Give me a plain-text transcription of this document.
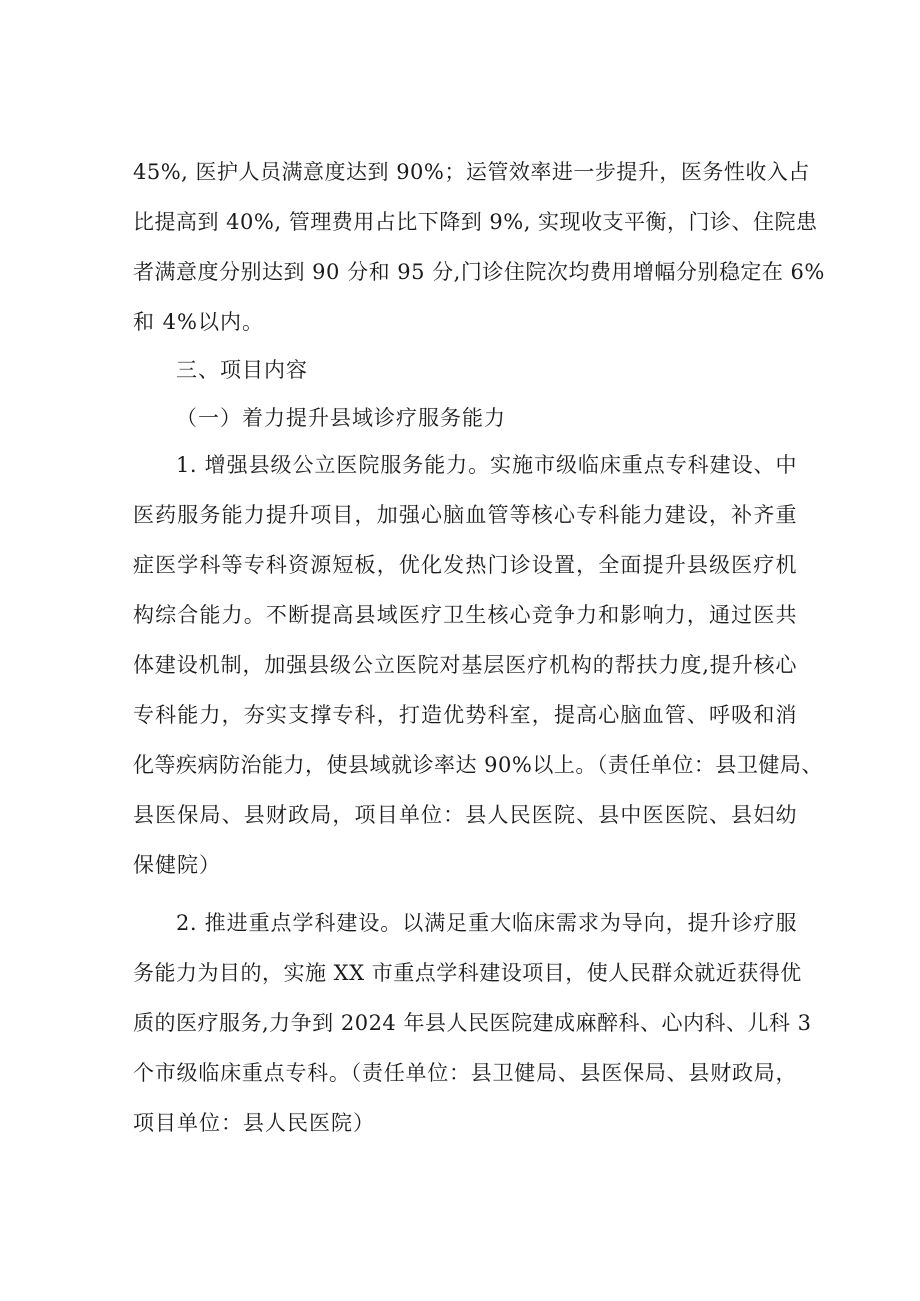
45%, 医护人员满意度达到 90%；运管效率进一步提升，医务性收入占
比提高到 40%, 管理费用占比下降到 9%, 实现收支平衡，门诊、住院患
者满意度分别达到 90 分和 95 分,门诊住院次均费用增幅分别稳定在 6%
和 4%以内。
三、项目内容
（一）着力提升县域诊疗服务能力
1. 增强县级公立医院服务能力。实施市级临床重点专科建设、中
医药服务能力提升项目，加强心脑血管等核心专科能力建设，补齐重
症医学科等专科资源短板，优化发热门诊设置，全面提升县级医疗机
构综合能力。不断提高县域医疗卫生核心竞争力和影响力，通过医共
体建设机制，加强县级公立医院对基层医疗机构的帮扶力度,提升核心
专科能力，夯实支撑专科，打造优势科室，提高心脑血管、呼吸和消
化等疾病防治能力，使县域就诊率达 90%以上。（责任单位：县卫健局、
县医保局、县财政局，项目单位：县人民医院、县中医医院、县妇幼
保健院）
2. 推进重点学科建设。以满足重大临床需求为导向，提升诊疗服
务能力为目的，实施 XX 市重点学科建设项目，使人民群众就近获得优
质的医疗服务,力争到 2024 年县人民医院建成麻醉科、心内科、儿科 3
个市级临床重点专科。（责任单位：县卫健局、县医保局、县财政局，
项目单位：县人民医院）
